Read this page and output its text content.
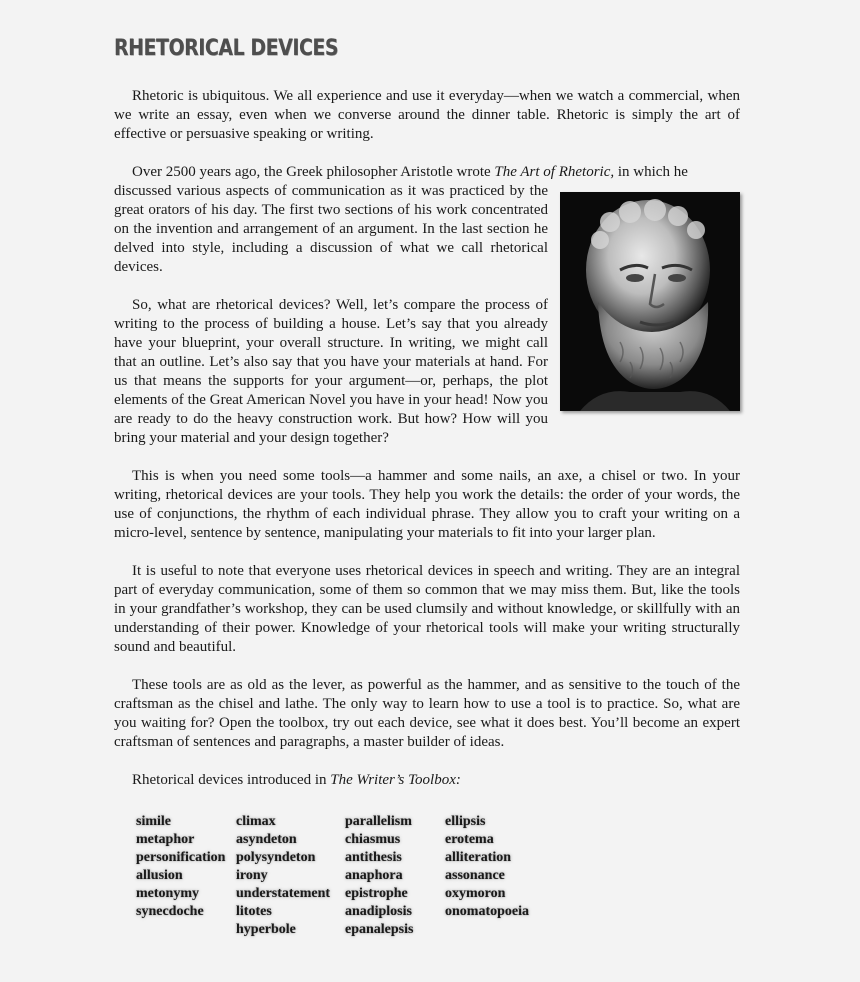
RHETORICAL DEVICES

Rhetoric is ubiquitous. We all experience and use it everyday—when we watch a commercial, when we write an essay, even when we converse around the dinner table. Rhetoric is simply the art of effective or persuasive speaking or writing.

Over 2500 years ago, the Greek philosopher Aristotle wrote The Art of Rhetoric, in which he

discussed various aspects of communication as it was practiced by the great orators of his day. The first two sections of his work concentrated on the invention and arrangement of an argument. In the last section he delved into style, including a discussion of what we call rhetorical devices.

So, what are rhetorical devices? Well, let’s compare the process of writing to the process of building a house. Let’s say that you already have your blueprint, your overall structure. In writing, we might call that an outline. Let’s also say that you have your materials at hand. For us that means the supports for your argument—or, perhaps, the plot elements of the Great American Novel you have in your head! Now you are ready to do the heavy construction work. But how? How will you bring your material and your design together?

This is when you need some tools—a hammer and some nails, an axe, a chisel or two. In your writing, rhetorical devices are your tools. They help you work the details: the order of your words, the use of conjunctions, the rhythm of each individual phrase. They allow you to craft your writing on a micro-level, sentence by sentence, manipulating your materials to fit into your larger plan.

It is useful to note that everyone uses rhetorical devices in speech and writing. They are an integral part of everyday communication, some of them so common that we may miss them. But, like the tools in your grandfather’s workshop, they can be used clumsily and without knowledge, or skillfully with an understanding of their power. Knowledge of your rhetorical tools will make your writing structurally sound and beautiful.

These tools are as old as the lever, as powerful as the hammer, and as sensitive to the touch of the craftsman as the chisel and lathe. The only way to learn how to use a tool is to practice. So, what are you waiting for? Open the toolbox, try out each device, see what it does best. You’ll become an expert craftsman of sentences and paragraphs, a master builder of ideas.

Rhetorical devices introduced in The Writer’s Toolbox:

simile
metaphor
personification
allusion
metonymy
synecdoche
climax
asyndeton
polysyndeton
irony
understatement
litotes
hyperbole
parallelism
chiasmus
antithesis
anaphora
epistrophe
anadiplosis
epanalepsis
ellipsis
erotema
alliteration
assonance
oxymoron
onomatopoeia
